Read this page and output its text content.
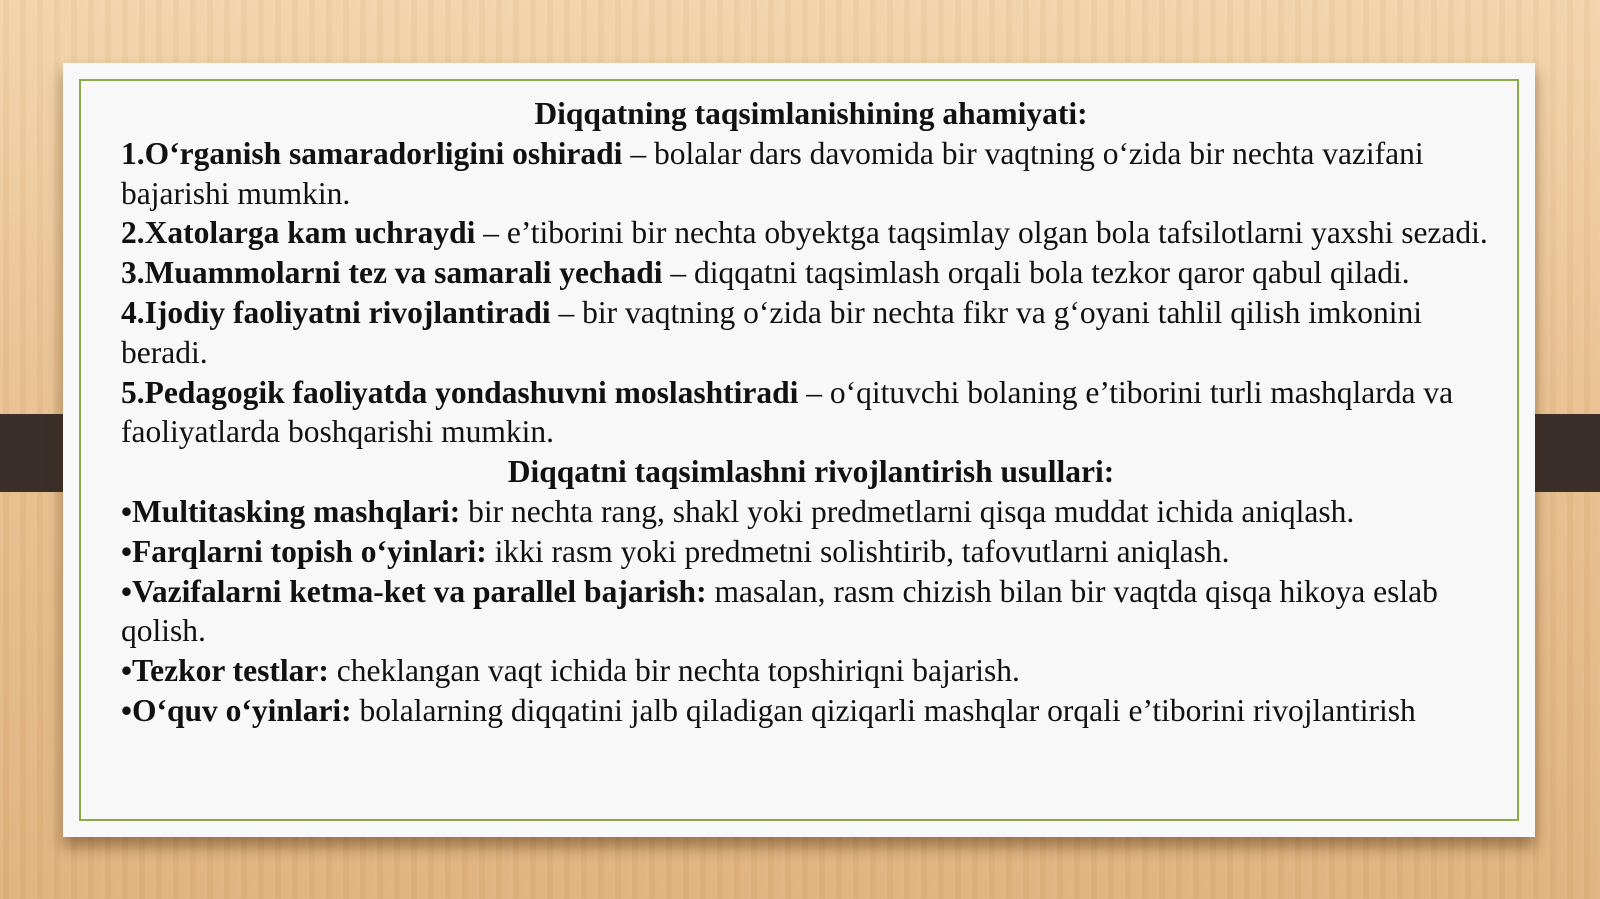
Diqqatning taqsimlanishining ahamiyati:
1.O‘rganish samaradorligini oshiradi – bolalar dars davomida bir vaqtning o‘zida bir nechta vazifani bajarishi mumkin.
2.Xatolarga kam uchraydi – e’tiborini bir nechta obyektga taqsimlay olgan bola tafsilotlarni yaxshi sezadi.
3.Muammolarni tez va samarali yechadi – diqqatni taqsimlash orqali bola tezkor qaror qabul qiladi.
4.Ijodiy faoliyatni rivojlantiradi – bir vaqtning o‘zida bir nechta fikr va g‘oyani tahlil qilish imkonini beradi.
5.Pedagogik faoliyatda yondashuvni moslashtiradi – o‘qituvchi bolaning e’tiborini turli mashqlarda va faoliyatlarda boshqarishi mumkin.
Diqqatni taqsimlashni rivojlantirish usullari:
•Multitasking mashqlari: bir nechta rang, shakl yoki predmetlarni qisqa muddat ichida aniqlash.
•Farqlarni topish o‘yinlari: ikki rasm yoki predmetni solishtirib, tafovutlarni aniqlash.
•Vazifalarni ketma-ket va parallel bajarish: masalan, rasm chizish bilan bir vaqtda qisqa hikoya eslab qolish.
•Tezkor testlar: cheklangan vaqt ichida bir nechta topshiriqni bajarish.
•O‘quv o‘yinlari: bolalarning diqqatini jalb qiladigan qiziqarli mashqlar orqali e’tiborini rivojlantirish
